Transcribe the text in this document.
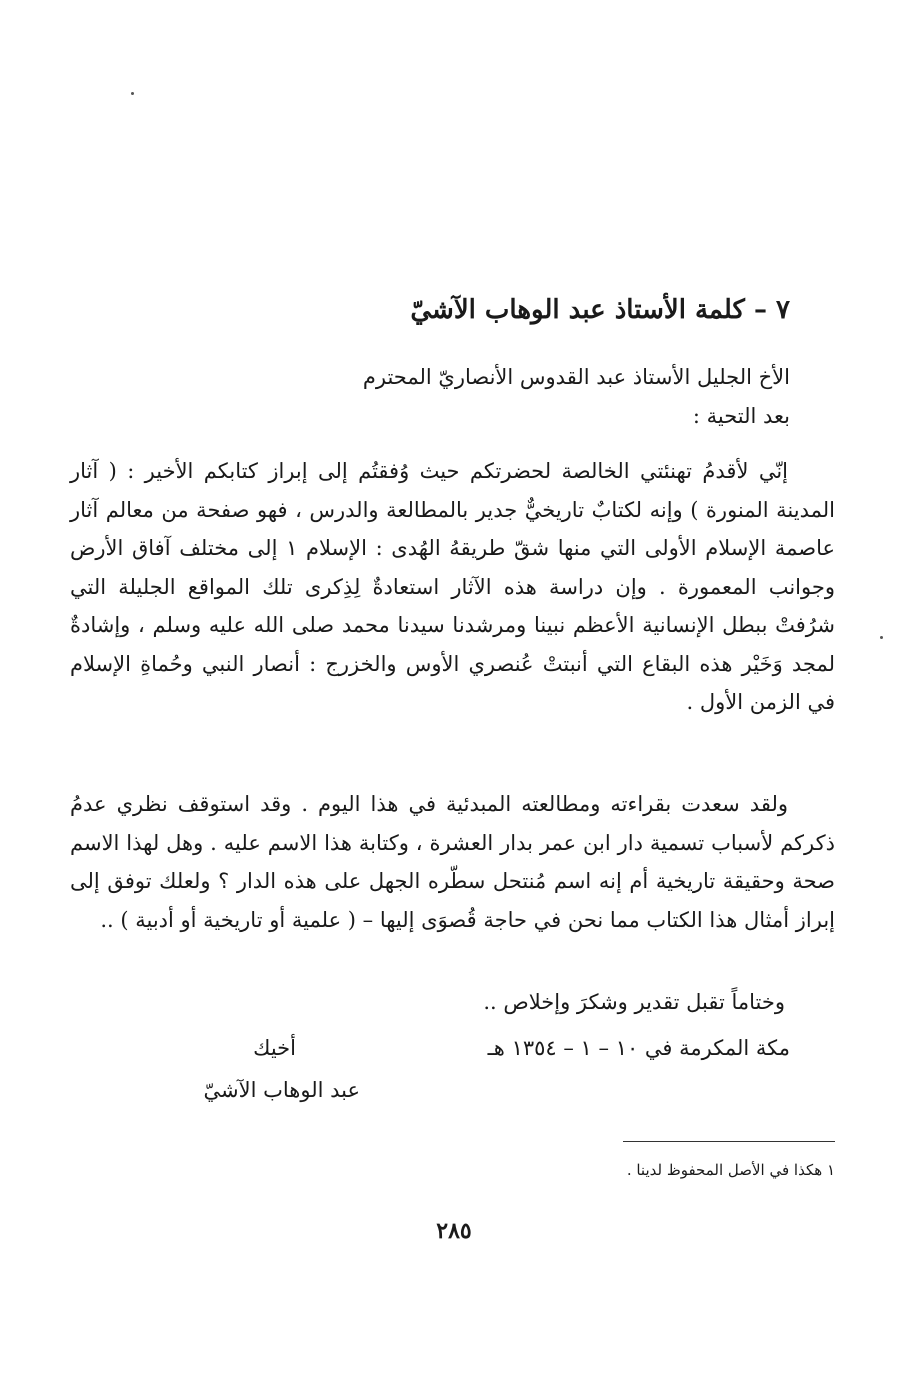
٧ – كلمة الأستاذ عبد الوهاب الآشيّ
الأخ الجليل الأستاذ عبد القدوس الأنصاريّ المحترم
بعد التحية :

إنّي لأقدمُ تهنئتي الخالصة لحضرتكم حيث وُفقتُم إلى إبراز كتابكم الأخير : ( آثار المدينة المنورة ) وإنه لكتابٌ تاريخيٌّ جدير بالمطالعة والدرس ، فهو صفحة من معالم آثار عاصمة الإسلام الأولى التي منها شقّ طريقهُ الهُدى : الإسلام ١ إلى مختلف آفاق الأرض وجوانب المعمورة . وإن دراسة هذه الآثار استعادةٌ لِذِكرى تلك المواقع الجليلة التي شرُفتْ ببطل الإنسانية الأعظم نبينا ومرشدنا سيدنا محمد صلى الله عليه وسلم ، وإشادةٌ لمجد وَخَيْر هذه البقاع التي أنبتتْ عُنصري الأوس والخزرج : أنصار النبي وحُماةِ الإسلام في الزمن الأول .

ولقد سعدت بقراءته ومطالعته المبدئية في هذا اليوم . وقد استوقف نظري عدمُ ذكركم لأسباب تسمية دار ابن عمر بدار العشرة ، وكتابة هذا الاسم عليه . وهل لهذا الاسم صحة وحقيقة تاريخية أم إنه اسم مُنتحل سطّره الجهل على هذه الدار ؟ ولعلك توفق إلى إبراز أمثال هذا الكتاب مما نحن في حاجة قُصوَى إليها – ( علمية أو تاريخية أو أدبية ) ..

وختاماً تقبل تقدير وشكرَ وإخلاص ..

مكة المكرمة في ١٠ – ١ – ١٣٥٤ هـ
أخيك
عبد الوهاب الآشيّ
١ هكذا في الأصل المحفوظ لدينا .
٢٨٥
